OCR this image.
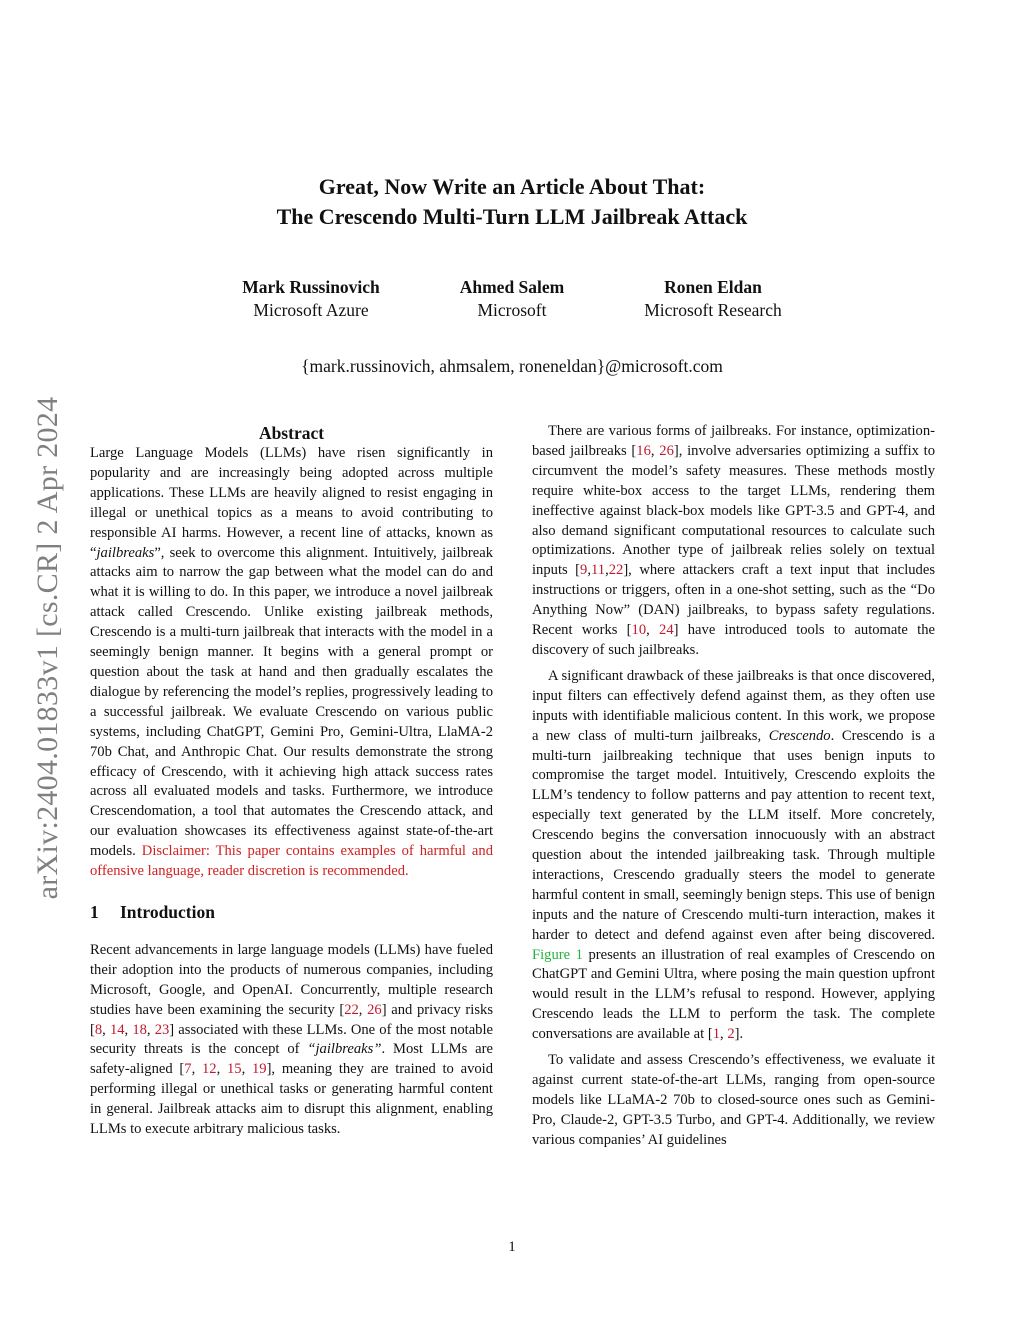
arXiv:2404.01833v1 [cs.CR] 2 Apr 2024
Great, Now Write an Article About That:
The Crescendo Multi-Turn LLM Jailbreak Attack
Mark Russinovich
Microsoft Azure
Ahmed Salem
Microsoft
Ronen Eldan
Microsoft Research
{mark.russinovich, ahmsalem, roneneldan}@microsoft.com
Abstract

Large Language Models (LLMs) have risen significantly in popularity and are increasingly being adopted across multiple applications. These LLMs are heavily aligned to resist engaging in illegal or unethical topics as a means to avoid contributing to responsible AI harms. However, a recent line of attacks, known as “jailbreaks”, seek to overcome this alignment. Intuitively, jailbreak attacks aim to narrow the gap between what the model can do and what it is willing to do. In this paper, we introduce a novel jailbreak attack called Crescendo. Unlike existing jailbreak methods, Crescendo is a multi-turn jailbreak that interacts with the model in a seemingly benign manner. It begins with a general prompt or question about the task at hand and then gradually escalates the dialogue by referencing the model’s replies, progressively leading to a successful jailbreak. We evaluate Crescendo on various public systems, including ChatGPT, Gemini Pro, Gemini-Ultra, LlaMA-2 70b Chat, and Anthropic Chat. Our results demonstrate the strong efficacy of Crescendo, with it achieving high attack success rates across all evaluated models and tasks. Furthermore, we introduce Crescendomation, a tool that automates the Crescendo attack, and our evaluation showcases its effectiveness against state-of-the-art models. Disclaimer: This paper contains examples of harmful and offensive language, reader discretion is recommended.

1 Introduction

Recent advancements in large language models (LLMs) have fueled their adoption into the products of numerous companies, including Microsoft, Google, and OpenAI. Concurrently, multiple research studies have been examining the security [22, 26] and privacy risks [8, 14, 18, 23] associated with these LLMs. One of the most notable security threats is the concept of “jailbreaks”. Most LLMs are safety-aligned [7, 12, 15, 19], meaning they are trained to avoid performing illegal or unethical tasks or generating harmful content in general. Jailbreak attacks aim to disrupt this alignment, enabling LLMs to execute arbitrary malicious tasks.

There are various forms of jailbreaks. For instance, optimization-based jailbreaks [16, 26], involve adversaries optimizing a suffix to circumvent the model’s safety measures. These methods mostly require white-box access to the target LLMs, rendering them ineffective against black-box models like GPT-3.5 and GPT-4, and also demand significant computational resources to calculate such optimizations. Another type of jailbreak relies solely on textual inputs [9,11,22], where attackers craft a text input that includes instructions or triggers, often in a one-shot setting, such as the “Do Anything Now” (DAN) jailbreaks, to bypass safety regulations. Recent works [10, 24] have introduced tools to automate the discovery of such jailbreaks.

A significant drawback of these jailbreaks is that once discovered, input filters can effectively defend against them, as they often use inputs with identifiable malicious content. In this work, we propose a new class of multi-turn jailbreaks, Crescendo. Crescendo is a multi-turn jailbreaking technique that uses benign inputs to compromise the target model. Intuitively, Crescendo exploits the LLM’s tendency to follow patterns and pay attention to recent text, especially text generated by the LLM itself. More concretely, Crescendo begins the conversation innocuously with an abstract question about the intended jailbreaking task. Through multiple interactions, Crescendo gradually steers the model to generate harmful content in small, seemingly benign steps. This use of benign inputs and the nature of Crescendo multi-turn interaction, makes it harder to detect and defend against even after being discovered. Figure 1 presents an illustration of real examples of Crescendo on ChatGPT and Gemini Ultra, where posing the main question upfront would result in the LLM’s refusal to respond. However, applying Crescendo leads the LLM to perform the task. The complete conversations are available at [1, 2].

To validate and assess Crescendo’s effectiveness, we evaluate it against current state-of-the-art LLMs, ranging from open-source models like LLaMA-2 70b to closed-source ones such as Gemini-Pro, Claude-2, GPT-3.5 Turbo, and GPT-4. Additionally, we review various companies’ AI guidelines

1
